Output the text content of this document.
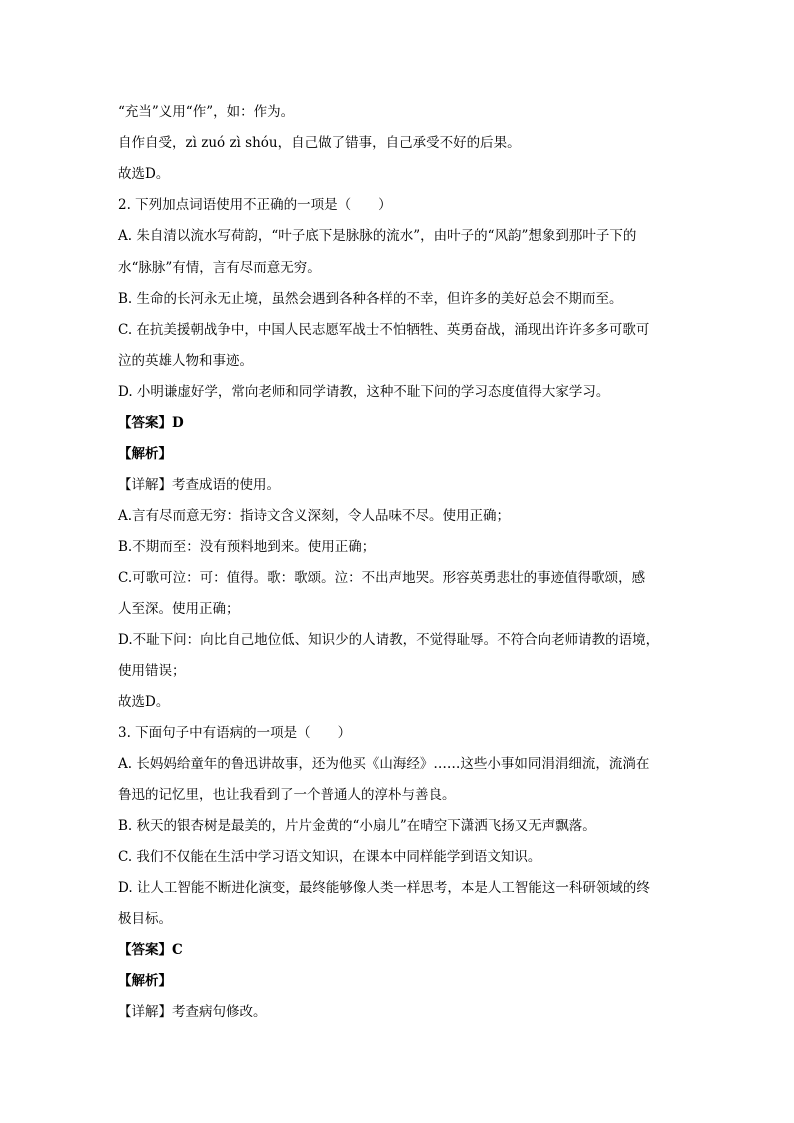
“充当”义用“作”，如：作为。
自作自受，zì zuó zì shóu，自己做了错事，自己承受不好的后果。
故选D。
2. 下列加点词语使用不正确的一项是（　　）
A. 朱自清以流水写荷韵，“叶子底下是脉脉的流水”，由叶子的“风韵”想象到那叶子下的
水“脉脉”有情，言有尽而意无穷。
B. 生命的长河永无止境，虽然会遇到各种各样的不幸，但许多的美好总会不期而至。
C. 在抗美援朝战争中，中国人民志愿军战士不怕牺牲、英勇奋战，涌现出许许多多可歌可
泣的英雄人物和事迹。
D. 小明谦虚好学，常向老师和同学请教，这种不耻下问的学习态度值得大家学习。
【答案】D
【解析】
【详解】考查成语的使用。
A.言有尽而意无穷：指诗文含义深刻，令人品味不尽。使用正确；
B.不期而至：没有预料地到来。使用正确；
C.可歌可泣：可：值得。歌：歌颂。泣：不出声地哭。形容英勇悲壮的事迹值得歌颂，感
人至深。使用正确；
D.不耻下问：向比自己地位低、知识少的人请教，不觉得耻辱。不符合向老师请教的语境，
使用错误；
故选D。
3. 下面句子中有语病的一项是（　　）
A. 长妈妈给童年的鲁迅讲故事，还为他买《山海经》……这些小事如同涓涓细流，流淌在
鲁迅的记忆里，也让我看到了一个普通人的淳朴与善良。
B. 秋天的银杏树是最美的，片片金黄的“小扇儿”在晴空下潇洒飞扬又无声飘落。
C. 我们不仅能在生活中学习语文知识，在课本中同样能学到语文知识。
D. 让人工智能不断进化演变，最终能够像人类一样思考，本是人工智能这一科研领域的终
极目标。
【答案】C
【解析】
【详解】考查病句修改。
